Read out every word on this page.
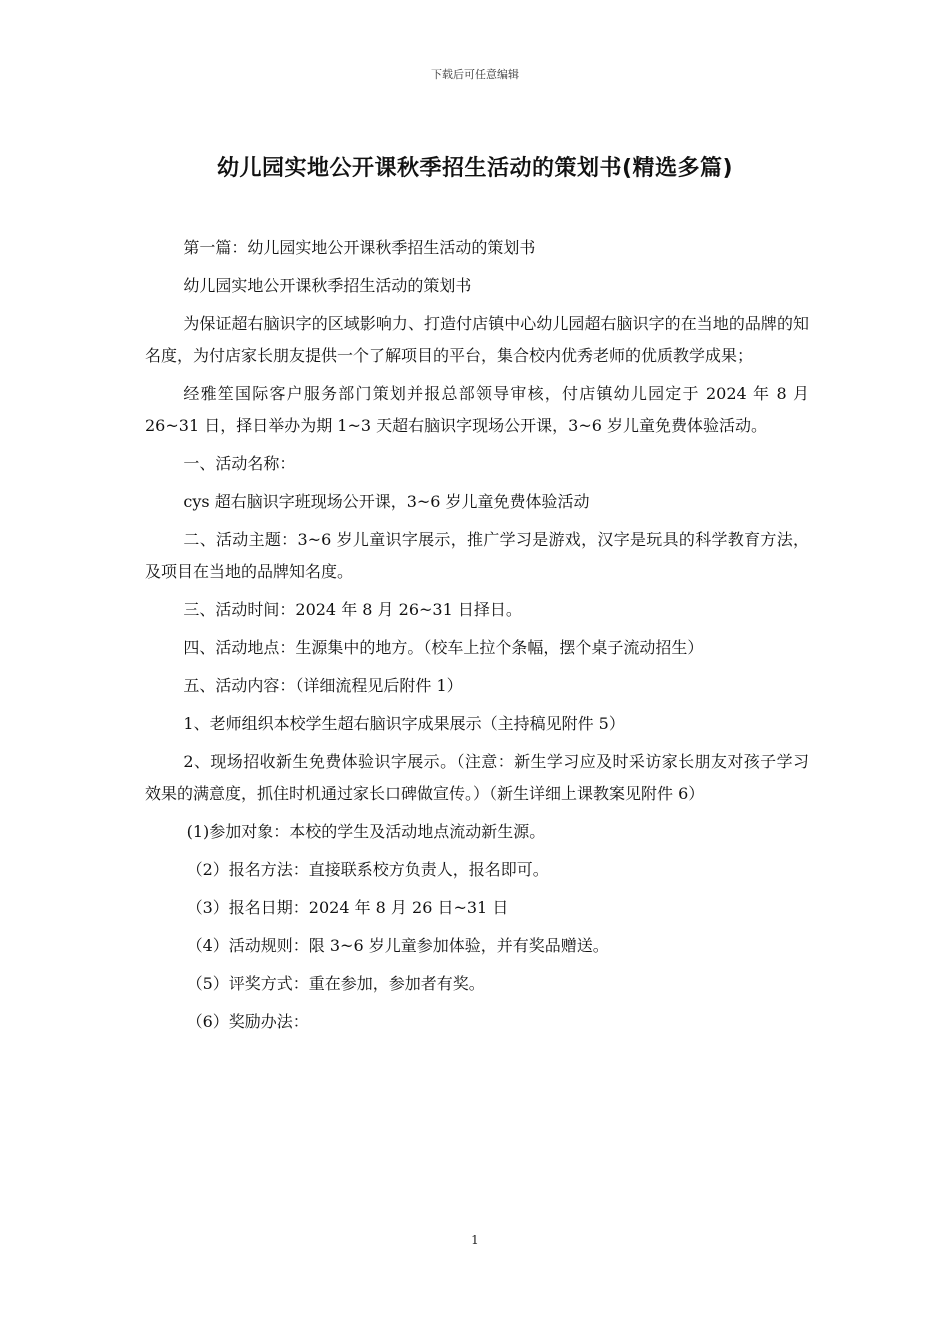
下载后可任意编辑
幼儿园实地公开课秋季招生活动的策划书(精选多篇)

第一篇：幼儿园实地公开课秋季招生活动的策划书

幼儿园实地公开课秋季招生活动的策划书

为保证超右脑识字的区域影响力、打造付店镇中心幼儿园超右脑识字的在当地的品牌的知名度，为付店家长朋友提供一个了解项目的平台，集合校内优秀老师的优质教学成果；

经雅笙国际客户服务部门策划并报总部领导审核，付店镇幼儿园定于 2024 年 8 月 26~31 日，择日举办为期 1~3 天超右脑识字现场公开课，3~6 岁儿童免费体验活动。

一、活动名称：

cys 超右脑识字班现场公开课，3~6 岁儿童免费体验活动

二、活动主题：3~6 岁儿童识字展示，推广学习是游戏，汉字是玩具的科学教育方法，及项目在当地的品牌知名度。

三、活动时间：2024 年 8 月 26~31 日择日。

四、活动地点：生源集中的地方。（校车上拉个条幅，摆个桌子流动招生）

五、活动内容：（详细流程见后附件 1）

1、老师组织本校学生超右脑识字成果展示（主持稿见附件 5）

2、现场招收新生免费体验识字展示。（注意：新生学习应及时采访家长朋友对孩子学习效果的满意度，抓住时机通过家长口碑做宣传。）（新生详细上课教案见附件 6）

(1)参加对象：本校的学生及活动地点流动新生源。

（2）报名方法：直接联系校方负责人，报名即可。

（3）报名日期：2024 年 8 月 26 日~31 日

（4）活动规则：限 3~6 岁儿童参加体验，并有奖品赠送。

（5）评奖方式：重在参加，参加者有奖。

（6）奖励办法：

1
